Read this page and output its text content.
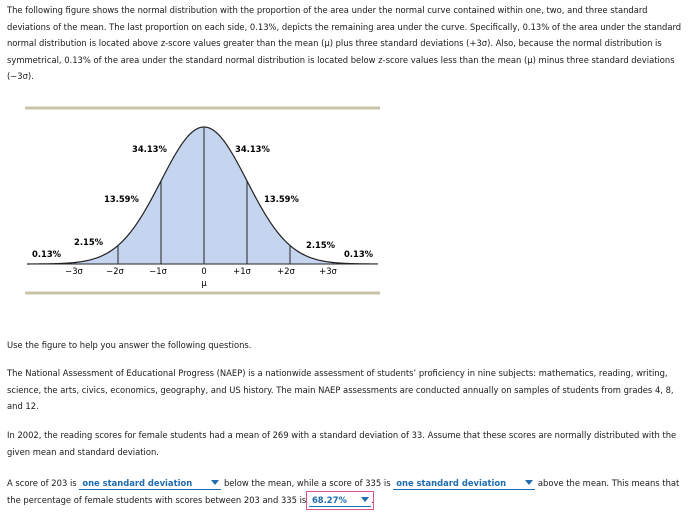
The following figure shows the normal distribution with the proportion of the area under the normal curve contained within one, two, and three standard deviations of the mean. The last proportion on each side, 0.13%, depicts the remaining area under the curve. Specifically, 0.13% of the area under the standard normal distribution is located above z-score values greater than the mean (μ) plus three standard deviations (+3σ). Also, because the normal distribution is symmetrical, 0.13% of the area under the standard normal distribution is located below z-score values less than the mean (μ) minus three standard deviations (−3σ).

0.13%
2.15%
13.59%
34.13%	34.13%
13.59%
2.15%
0.13%
−3σ	−2σ	−1σ	0	+1σ	+2σ	+3σ
μ

Use the figure to help you answer the following questions.

The National Assessment of Educational Progress (NAEP) is a nationwide assessment of students’ proficiency in nine subjects: mathematics, reading, writing, science, the arts, civics, economics, geography, and US history. The main NAEP assessments are conducted annually on samples of students from grades 4, 8, and 12.

In 2002, the reading scores for female students had a mean of 269 with a standard deviation of 33. Assume that these scores are normally distributed with the given mean and standard deviation.

A score of 203 is one standard deviation	below the mean, while a score of 335 is one standard deviation	above the mean. This means that the percentage of female students with scores between 203 and 335 is 68.27%	.
